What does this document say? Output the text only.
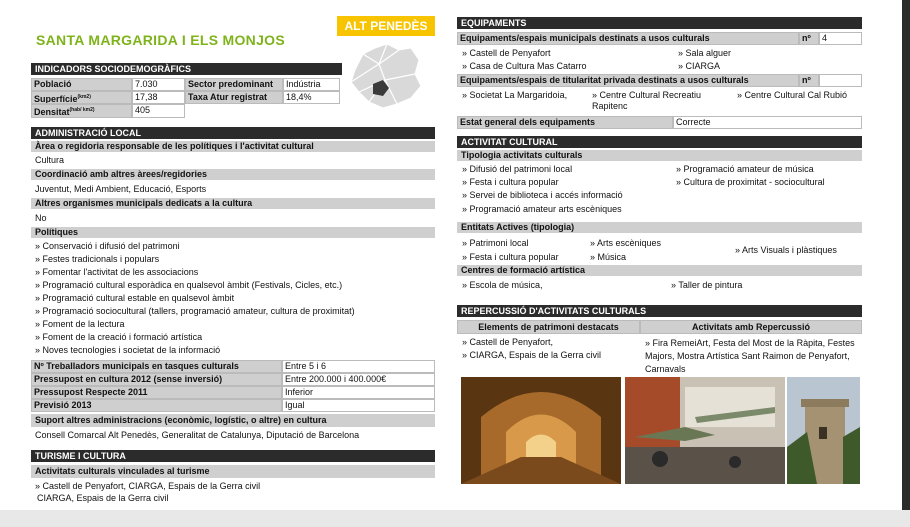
SANTA MARGARIDA I ELS MONJOS
ALT PENEDÈS
INDICADORS SOCIODEMOGRÀFICS
Població	7.030	Sector predominant	Indústria
Superfície$^{(km2)}$	17,38	Taxa Atur registrat	18,4%
Densitat$^{(hab/ km2)}$	405
ADMINISTRACIÓ LOCAL
Àrea o regidoria responsable de les polítiques i l'activitat cultural
Cultura
Coordinació amb altres àrees/regidories
Juventut, Medi Ambient, Educació, Esports
Altres organismes municipals dedicats a la cultura
No
Polítiques
» Conservació i difusió del patrimoni
» Festes tradicionals i populars
» Fomentar l'activitat de les associacions
» Programació cultural esporàdica en qualsevol àmbit (Festivals, Cicles, etc.)
» Programació cultural estable en qualsevol àmbit
» Programació sociocultural (tallers, programació amateur, cultura de proximitat)
» Foment de la lectura
» Foment de la creació i formació artística
» Noves tecnologies i societat de la informació
Nº Treballadors municipals en tasques culturals	Entre 5 i 6
Pressupost en cultura 2012 (sense inversió)	Entre 200.000 i 400.000€
Pressupost Respecte 2011	Inferior
Previsió 2013	Igual
Suport altres administracions (econòmic, logístic, o altre) en cultura
Consell Comarcal Alt Penedès, Generalitat de Catalunya, Diputació de Barcelona
TURISME I CULTURA
Activitats culturals vinculades al turisme
» Castell de Penyafort, CIARGA, Espais de la Gerra civil
CIARGA, Espais de la Gerra civil
EQUIPAMENTS
Equipaments/espais municipals destinats a usos culturals	nº	4
» Castell de Penyafort
» Casa de Cultura Mas Catarro
» Sala alguer
» CIARGA
Equipaments/espais de titularitat privada destinats a usos culturals	nº
» Societat La Margaridoia,	» Centre Cultural Recreatiu Rapitenc
» Centre Cultural Cal Rubió
Estat general dels equipaments	Correcte
ACTIVITAT CULTURAL
Tipologia activitats culturals
» Difusió del patrimoni local
» Festa i cultura popular
» Servei de biblioteca i accés informació
» Programació amateur arts escèniques
» Programació amateur de música
» Cultura de proximitat - sociocultural
Entitats Actives (tipologia)
» Patrimoni local
» Festa i cultura popular
» Arts escèniques
» Música
» Arts Visuals i plàstiques
Centres de formació artística
» Escola de música,	» Taller de pintura
REPERCUSSIÓ D'ACTIVITATS CULTURALS
Elements de patrimoni destacats	Activitats amb Repercussió
» Castell de Penyafort,
» CIARGA, Espais de la Gerra civil
» Fira RemeiArt, Festa del Most de la Ràpita, Festes Majors, Mostra Artística Sant Raimon de Penyafort, Carnavals
